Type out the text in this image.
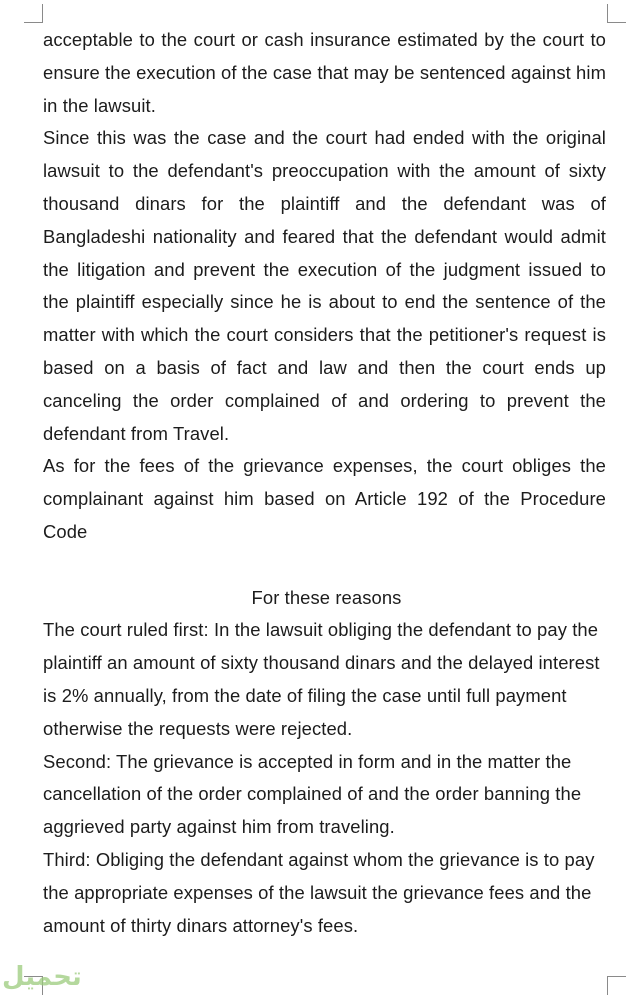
acceptable to the court or cash insurance estimated by the court to ensure the execution of the case that may be sentenced against him in the lawsuit.

Since this was the case and the court had ended with the original lawsuit to the defendant's preoccupation with the amount of sixty thousand dinars for the plaintiff and the defendant was of Bangladeshi nationality and feared that the defendant would admit the litigation and prevent the execution of the judgment issued to the plaintiff especially since he is about to end the sentence of the matter with which the court considers that the petitioner's request is based on a basis of fact and law and then the court ends up canceling the order complained of and ordering to prevent the defendant from Travel.

As for the fees of the grievance expenses, the court obliges the complainant against him based on Article 192 of the Procedure Code

For these reasons

The court ruled first: In the lawsuit obliging the defendant to pay the plaintiff an amount of sixty thousand dinars and the delayed interest is 2% annually, from the date of filing the case until full payment otherwise the requests were rejected.

Second: The grievance is accepted in form and in the matter the cancellation of the order complained of and the order banning the aggrieved party against him from traveling.

Third: Obliging the defendant against whom the grievance is to pay the appropriate expenses of the lawsuit the grievance fees and the amount of thirty dinars attorney's fees.

تحميل
